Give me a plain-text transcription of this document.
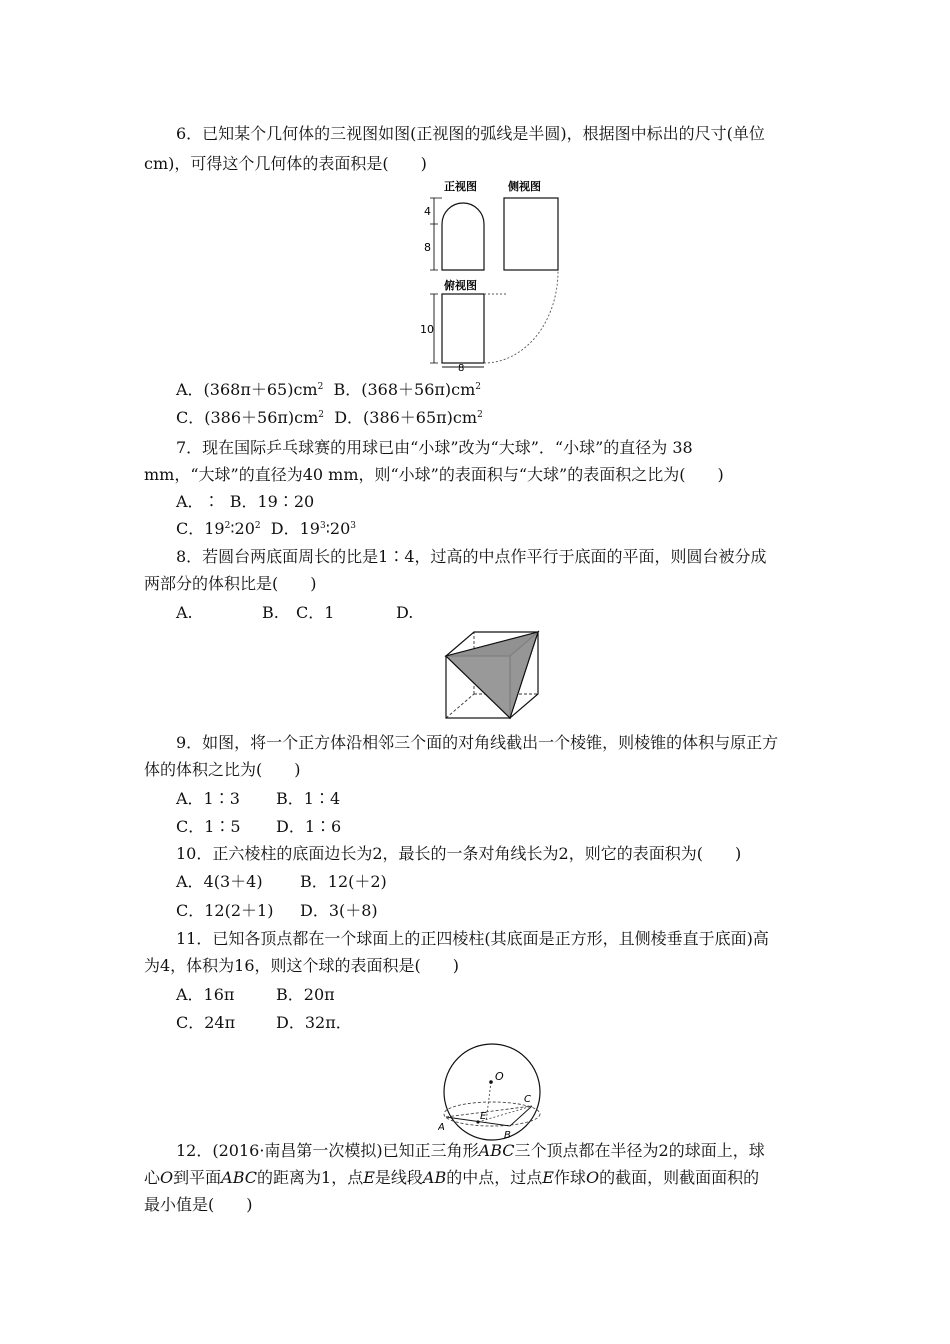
6．已知某个几何体的三视图如图(正视图的弧线是半圆)，根据图中标出的尺寸(单位
cm)，可得这个几何体的表面积是(　　)
正视图	侧视图
俯视图
4
8
10
8
A．$(368\pi+65)cm^2$ B．$(368+56\pi)cm^2$
C．$(386+56\pi)cm^2$ D．$(386+65\pi)cm^2$
7．现在国际乒乓球赛的用球已由“小球”改为“大球”．“小球”的直径为 38
mm，“大球”的直径为40 mm，则“小球”的表面积与“大球”的表面积之比为(　　)
A．∶ B．19∶20
C．$19^2∶20^2$ D．$19^3∶20^3$
8．若圆台两底面周长的比是1∶4，过高的中点作平行于底面的平面，则圆台被分成
两部分的体积比是(　　)
A.	B. C．1	D.
9．如图，将一个正方体沿相邻三个面的对角线截出一个棱锥，则棱锥的体积与原正方
体的体积之比为(　　)
A．1∶3 B．1∶4
C．1∶5 D．1∶6
10．正六棱柱的底面边长为2，最长的一条对角线长为2，则它的表面积为(　　)
A．4(3＋4) B．12(＋2)
C．12(2＋1) D．3(＋8)
11．已知各顶点都在一个球面上的正四棱柱(其底面是正方形，且侧棱垂直于底面)高
为4，体积为16，则这个球的表面积是(　　)
A．16π	B．20π
C．24π	D．32π．
O
A
B
C
E
12．(2016·南昌第一次模拟)已知正三角形ABC三个顶点都在半径为2的球面上，球
心O到平面ABC的距离为1，点E是线段AB的中点，过点E作球O的截面，则截面面积的
最小值是(　　)
